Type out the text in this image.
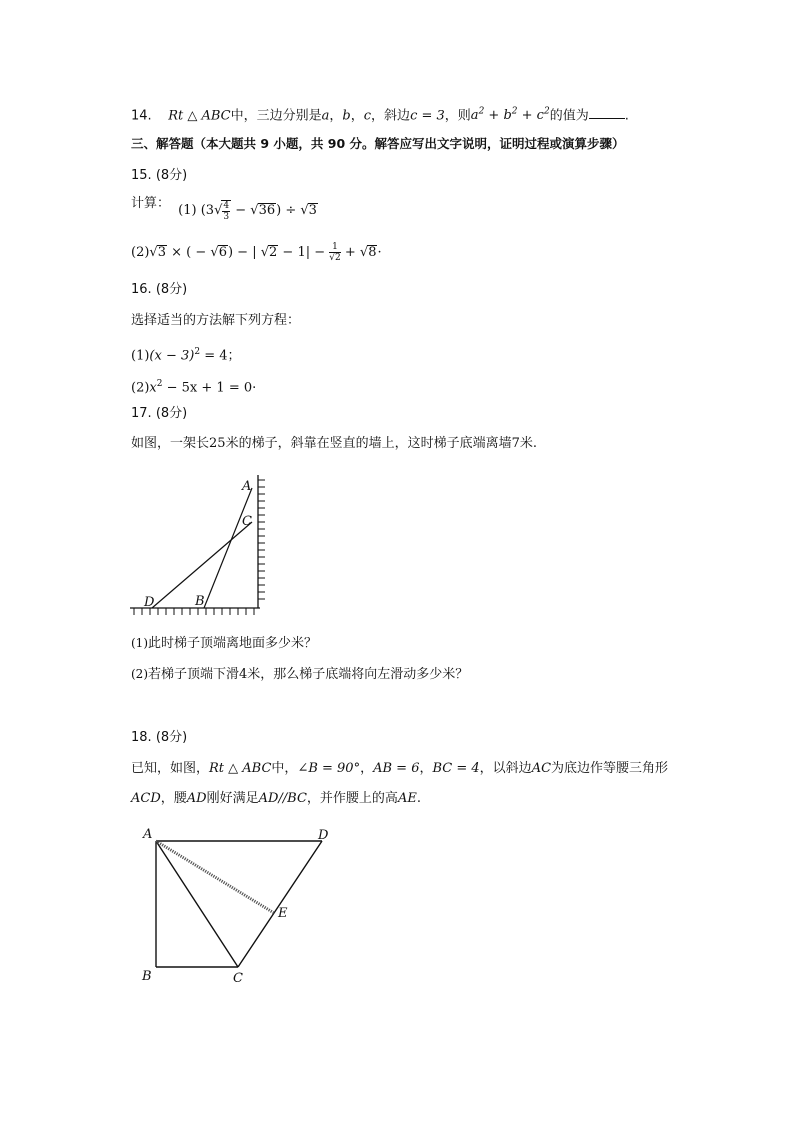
14. Rt △ ABC中，三边分别是a，b，c，斜边c = 3，则$a^2 + b^2 + c^2$的值为	.
三、解答题（本大题共 9 小题，共 90 分。解答应写出文字说明，证明过程或演算步骤）
15. (8分)
计算： (1) $(3√ \frac{4}{3} - √36) \div √3$
(2)√3 × ( − √6) − | $√2 - 1| - \frac{1}{√2} + √8\cdot$
16. (8分)
选择适当的方法解下列方程：
$(1)(x - 3)^2 = 4$；
$(2)x^2 - 5x + 1 = 0\cdot$
17. (8分)
如图，一架长25米的梯子，斜靠在竖直的墙上，这时梯子底端离墙7米.
A
C
D	B
(1)此时梯子顶端离地面多少米？
(2)若梯子顶端下滑4米，那么梯子底端将向左滑动多少米？
18. (8分)
已知，如图，Rt △ ABC中，∠B = 90°，AB = 6，BC = 4，以斜边AC为底边作等腰三角形
ACD，腰AD刚好满足AD//BC，并作腰上的高AE.
A	D
E
B	C
